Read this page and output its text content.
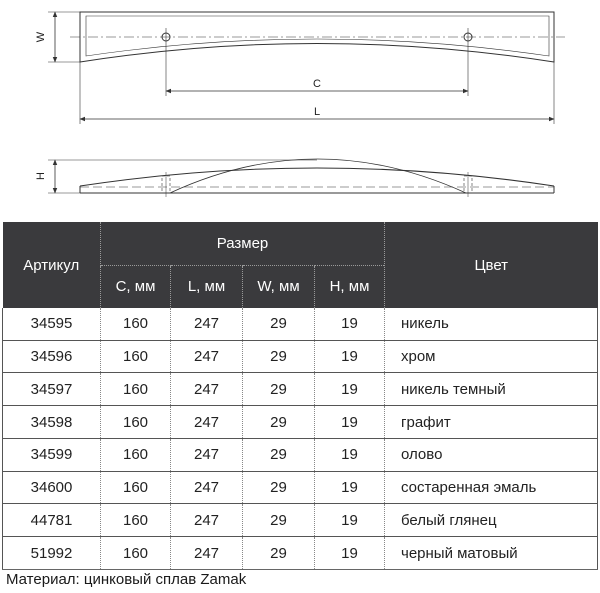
W
C
L
H
Артикул	Размер				Цвет
	C, мм	L, мм	W, мм	H, мм	
34595	160	247	29	19	никель
34596	160	247	29	19	хром
34597	160	247	29	19	никель темный
34598	160	247	29	19	графит
34599	160	247	29	19	олово
34600	160	247	29	19	состаренная эмаль
44781	160	247	29	19	белый глянец
51992	160	247	29	19	черный матовый
Материал: цинковый сплав Zamak
